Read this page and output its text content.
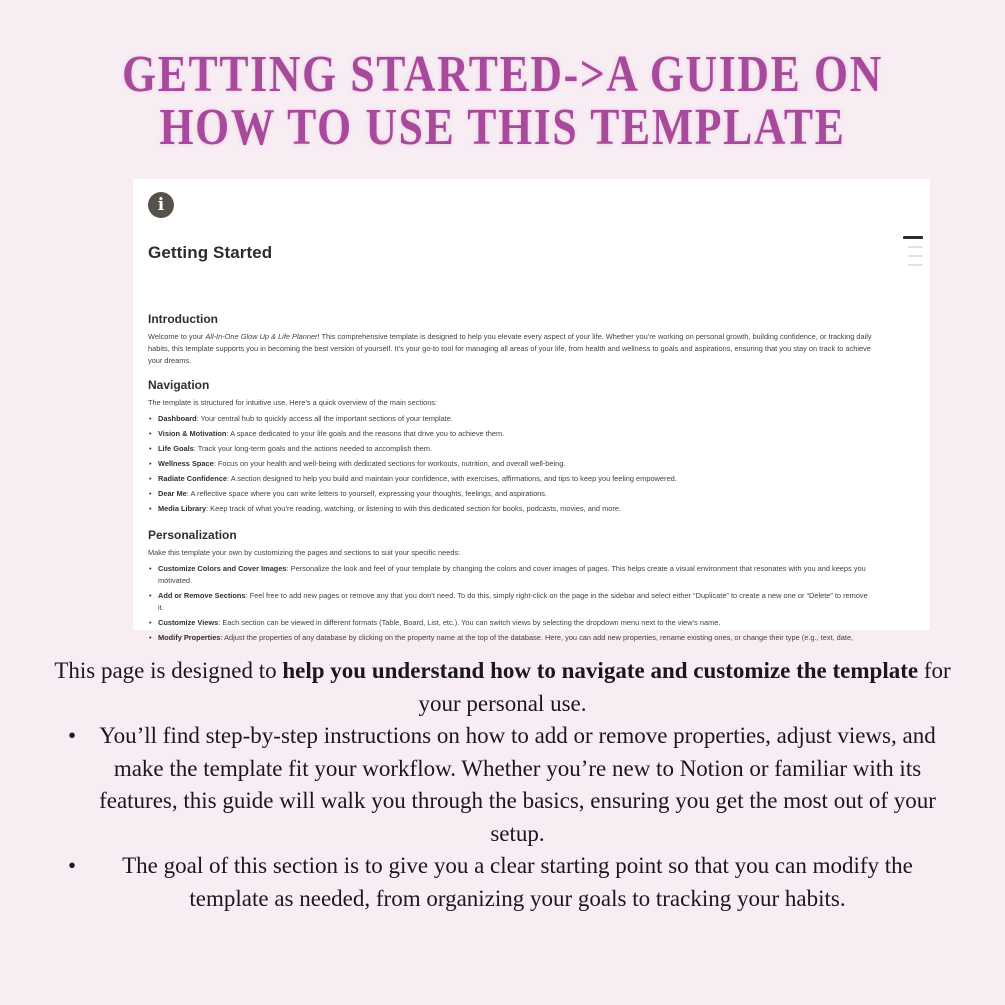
GETTING STARTED->A GUIDE ON
HOW TO USE THIS TEMPLATE
i
Getting Started
Introduction

Welcome to your All-In-One Glow Up & Life Planner! This comprehensive template is designed to help you elevate every aspect of your life. Whether you’re working on personal growth, building confidence, or tracking daily habits, this template supports you in becoming the best version of yourself. It’s your go-to tool for managing all areas of your life, from health and wellness to goals and aspirations, ensuring that you stay on track to achieve your dreams.

Navigation

The template is structured for intuitive use. Here’s a quick overview of the main sections:

• Dashboard: Your central hub to quickly access all the important sections of your template.
• Vision & Motivation: A space dedicated to your life goals and the reasons that drive you to achieve them.
• Life Goals: Track your long-term goals and the actions needed to accomplish them.
• Wellness Space: Focus on your health and well-being with dedicated sections for workouts, nutrition, and overall well-being.
• Radiate Confidence: A section designed to help you build and maintain your confidence, with exercises, affirmations, and tips to keep you feeling empowered.
• Dear Me: A reflective space where you can write letters to yourself, expressing your thoughts, feelings, and aspirations.
• Media Library: Keep track of what you’re reading, watching, or listening to with this dedicated section for books, podcasts, movies, and more.
Personalization

Make this template your own by customizing the pages and sections to suit your specific needs:

• Customize Colors and Cover Images: Personalize the look and feel of your template by changing the colors and cover images of pages. This helps create a visual environment that resonates with you and keeps you motivated.
• Add or Remove Sections: Feel free to add new pages or remove any that you don’t need. To do this, simply right-click on the page in the sidebar and select either “Duplicate” to create a new one or “Delete” to remove it.
• Customize Views: Each section can be viewed in different formats (Table, Board, List, etc.). You can switch views by selecting the dropdown menu next to the view’s name.
• Modify Properties: Adjust the properties of any database by clicking on the property name at the top of the database. Here, you can add new properties, rename existing ones, or change their type (e.g., text, date,

This page is designed to help you understand how to navigate and customize the template for your personal use.

• You’ll find step-by-step instructions on how to add or remove properties, adjust views, and make the template fit your workflow. Whether you’re new to Notion or familiar with its features, this guide will walk you through the basics, ensuring you get the most out of your setup.
• The goal of this section is to give you a clear starting point so that you can modify the template as needed, from organizing your goals to tracking your habits.
